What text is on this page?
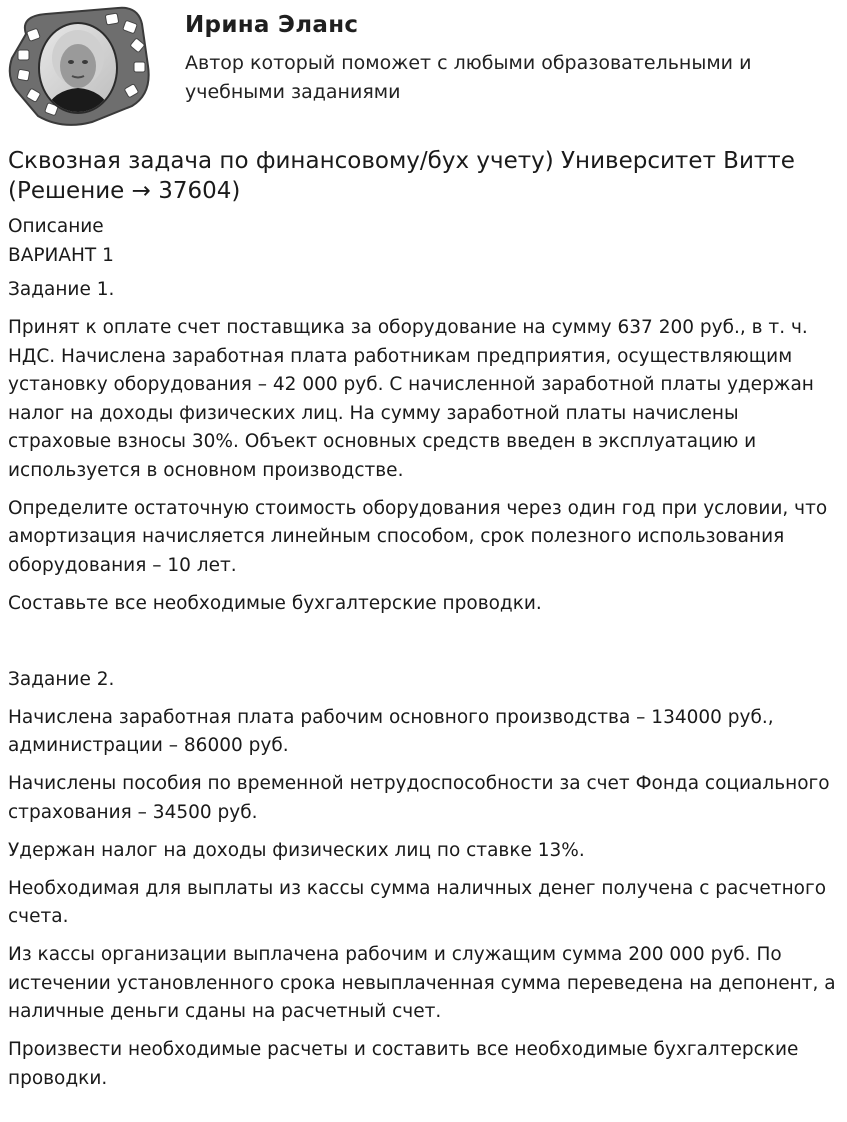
Ирина Эланс
Автор который поможет с любыми образовательными и учебными заданиями
Сквозная задача по финансовому/бух учету) Университет Витте (Решение → 37604)

Описание

ВАРИАНТ 1

Задание 1.

Принят к оплате счет поставщика за оборудование на сумму 637 200 руб., в т. ч. НДС. Начислена заработная плата работникам предприятия, осуществляющим установку оборудования – 42 000 руб. С начисленной заработной платы удержан налог на доходы физических лиц. На сумму заработной платы начислены страховые взносы 30%. Объект основных средств введен в эксплуатацию и используется в основном производстве.

Определите остаточную стоимость оборудования через один год при условии, что амортизация начисляется линейным способом, срок полезного использования оборудования – 10 лет.

Составьте все необходимые бухгалтерские проводки.

Задание 2.

Начислена заработная плата рабочим основного производства – 134000 руб., администрации – 86000 руб.

Начислены пособия по временной нетрудоспособности за счет Фонда социального страхования – 34500 руб.

Удержан налог на доходы физических лиц по ставке 13%.

Необходимая для выплаты из кассы сумма наличных денег получена с расчетного счета.

Из кассы организации выплачена рабочим и служащим сумма 200 000 руб. По истечении установленного срока невыплаченная сумма переведена на депонент, а наличные деньги сданы на расчетный счет.

Произвести необходимые расчеты и составить все необходимые бухгалтерские проводки.
